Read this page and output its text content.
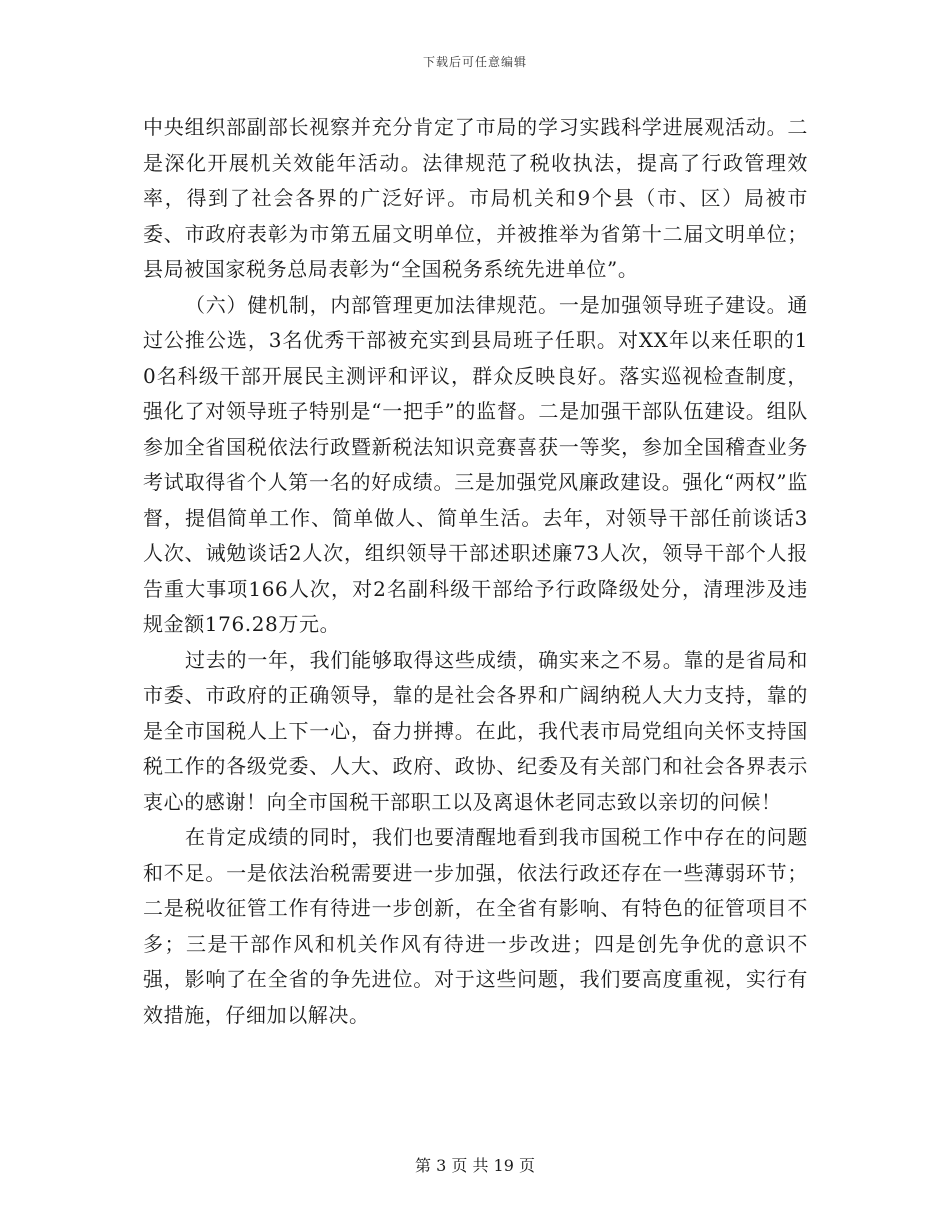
下载后可任意编辑

中央组织部副部长视察并充分肯定了市局的学习实践科学进展观活动。二是深化开展机关效能年活动。法律规范了税收执法，提高了行政管理效率，得到了社会各界的广泛好评。市局机关和9个县（市、区）局被市委、市政府表彰为市第五届文明单位，并被推举为省第十二届文明单位；县局被国家税务总局表彰为“全国税务系统先进单位”。

（六）健机制，内部管理更加法律规范。一是加强领导班子建设。通过公推公选，3名优秀干部被充实到县局班子任职。对XX年以来任职的10名科级干部开展民主测评和评议，群众反映良好。落实巡视检查制度，强化了对领导班子特别是“一把手”的监督。二是加强干部队伍建设。组队参加全省国税依法行政暨新税法知识竞赛喜获一等奖，参加全国稽查业务考试取得省个人第一名的好成绩。三是加强党风廉政建设。强化“两权”监督，提倡简单工作、简单做人、简单生活。去年，对领导干部任前谈话3人次、诫勉谈话2人次，组织领导干部述职述廉73人次，领导干部个人报告重大事项166人次，对2名副科级干部给予行政降级处分，清理涉及违规金额176.28万元。

过去的一年，我们能够取得这些成绩，确实来之不易。靠的是省局和市委、市政府的正确领导，靠的是社会各界和广阔纳税人大力支持，靠的是全市国税人上下一心，奋力拼搏。在此，我代表市局党组向关怀支持国税工作的各级党委、人大、政府、政协、纪委及有关部门和社会各界表示衷心的感谢！向全市国税干部职工以及离退休老同志致以亲切的问候！

在肯定成绩的同时，我们也要清醒地看到我市国税工作中存在的问题和不足。一是依法治税需要进一步加强，依法行政还存在一些薄弱环节；二是税收征管工作有待进一步创新，在全省有影响、有特色的征管项目不多；三是干部作风和机关作风有待进一步改进；四是创先争优的意识不强，影响了在全省的争先进位。对于这些问题，我们要高度重视，实行有效措施，仔细加以解决。

第 3 页 共 19 页
